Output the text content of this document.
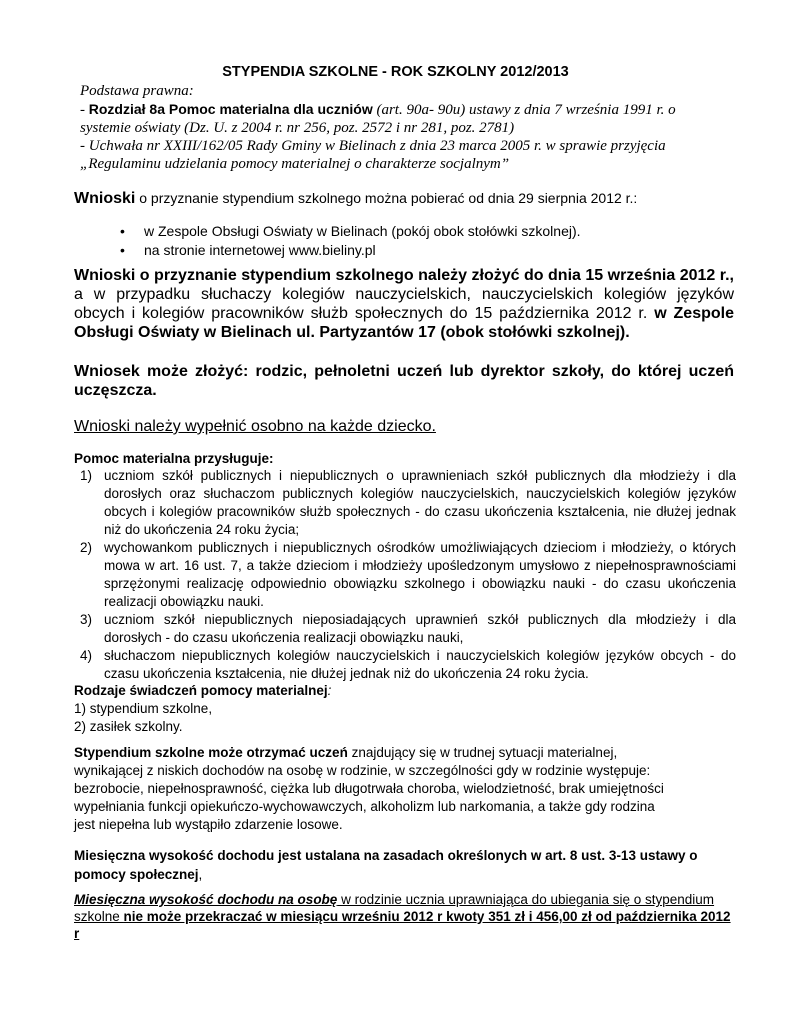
STYPENDIA SZKOLNE - ROK SZKOLNY 2012/2013
Podstawa prawna:
- Rozdział 8a Pomoc materialna dla uczniów (art. 90a- 90u) ustawy z dnia 7 września 1991 r. o systemie oświaty (Dz. U. z 2004 r. nr 256, poz. 2572 i nr 281, poz. 2781)
- Uchwała nr XXIII/162/05 Rady Gminy w Bielinach z dnia 23 marca 2005 r. w sprawie przyjęcia „Regulaminu udzielania pomocy materialnej o charakterze socjalnym”
Wnioski o przyznanie stypendium szkolnego można pobierać od dnia 29 sierpnia 2012 r.:
• w Zespole Obsługi Oświaty w Bielinach (pokój obok stołówki szkolnej).
• na stronie internetowej www.bieliny.pl
Wnioski o przyznanie stypendium szkolnego należy złożyć do dnia 15 września 2012 r., a w przypadku słuchaczy kolegiów nauczycielskich, nauczycielskich kolegiów języków obcych i kolegiów pracowników służb społecznych do 15 października 2012 r. w Zespole Obsługi Oświaty w Bielinach ul. Partyzantów 17 (obok stołówki szkolnej).
Wniosek może złożyć: rodzic, pełnoletni uczeń lub dyrektor szkoły, do której uczeń uczęszcza.
Wnioski należy wypełnić osobno na każde dziecko.
Pomoc materialna przysługuje:
1) uczniom szkół publicznych i niepublicznych o uprawnieniach szkół publicznych dla młodzieży i dla dorosłych oraz słuchaczom publicznych kolegiów nauczycielskich, nauczycielskich kolegiów języków obcych i kolegiów pracowników służb społecznych - do czasu ukończenia kształcenia, nie dłużej jednak niż do ukończenia 24 roku życia;
2) wychowankom publicznych i niepublicznych ośrodków umożliwiających dzieciom i młodzieży, o których mowa w art. 16 ust. 7, a także dzieciom i młodzieży upośledzonym umysłowo z niepełnosprawnościami sprzężonymi realizację odpowiednio obowiązku szkolnego i obowiązku nauki - do czasu ukończenia realizacji obowiązku nauki.
3) uczniom szkół niepublicznych nieposiadających uprawnień szkół publicznych dla młodzieży i dla dorosłych - do czasu ukończenia realizacji obowiązku nauki,
4) słuchaczom niepublicznych kolegiów nauczycielskich i nauczycielskich kolegiów języków obcych - do czasu ukończenia kształcenia, nie dłużej jednak niż do ukończenia 24 roku życia.
Rodzaje świadczeń pomocy materialnej:
1) stypendium szkolne,
2) zasiłek szkolny.
Stypendium szkolne może otrzymać uczeń znajdujący się w trudnej sytuacji materialnej, wynikającej z niskich dochodów na osobę w rodzinie, w szczególności gdy w rodzinie występuje: bezrobocie, niepełnosprawność, ciężka lub długotrwała choroba, wielodzietność, brak umiejętności wypełniania funkcji opiekuńczo-wychowawczych, alkoholizm lub narkomania, a także gdy rodzina jest niepełna lub wystąpiło zdarzenie losowe.
Miesięczna wysokość dochodu jest ustalana na zasadach określonych w art. 8 ust. 3-13 ustawy o pomocy społecznej,
Miesięczna wysokość dochodu na osobę w rodzinie ucznia uprawniająca do ubiegania się o stypendium szkolne nie może przekraczać w miesiącu wrześniu 2012 r kwoty 351 zł i 456,00 zł od października 2012 r
